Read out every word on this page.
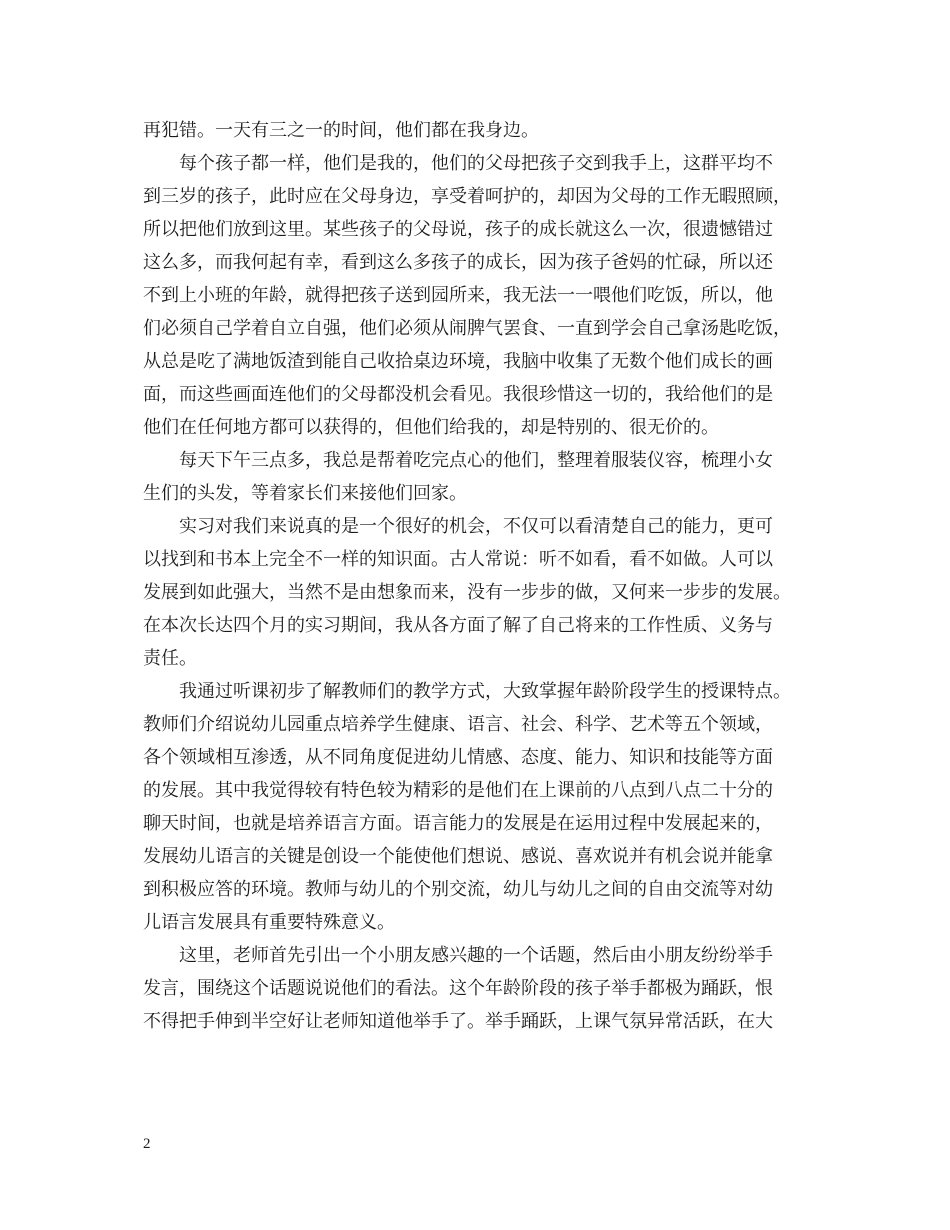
再犯错。一天有三之一的时间，他们都在我身边。
每个孩子都一样，他们是我的，他们的父母把孩子交到我手上，这群平均不
到三岁的孩子，此时应在父母身边，享受着呵护的，却因为父母的工作无暇照顾，
所以把他们放到这里。某些孩子的父母说，孩子的成长就这么一次，很遗憾错过
这么多，而我何起有幸，看到这么多孩子的成长，因为孩子爸妈的忙碌，所以还
不到上小班的年龄，就得把孩子送到园所来，我无法一一喂他们吃饭，所以，他
们必须自己学着自立自强，他们必须从闹脾气罢食、一直到学会自己拿汤匙吃饭，
从总是吃了满地饭渣到能自己收拾桌边环境，我脑中收集了无数个他们成长的画
面，而这些画面连他们的父母都没机会看见。我很珍惜这一切的，我给他们的是
他们在任何地方都可以获得的，但他们给我的，却是特别的、很无价的。
每天下午三点多，我总是帮着吃完点心的他们，整理着服装仪容，梳理小女
生们的头发，等着家长们来接他们回家。
实习对我们来说真的是一个很好的机会，不仅可以看清楚自己的能力，更可
以找到和书本上完全不一样的知识面。古人常说：听不如看，看不如做。人可以
发展到如此强大，当然不是由想象而来，没有一步步的做，又何来一步步的发展。
在本次长达四个月的实习期间，我从各方面了解了自己将来的工作性质、义务与
责任。
我通过听课初步了解教师们的教学方式，大致掌握年龄阶段学生的授课特点。
教师们介绍说幼儿园重点培养学生健康、语言、社会、科学、艺术等五个领域，
各个领域相互渗透，从不同角度促进幼儿情感、态度、能力、知识和技能等方面
的发展。其中我觉得较有特色较为精彩的是他们在上课前的八点到八点二十分的
聊天时间，也就是培养语言方面。语言能力的发展是在运用过程中发展起来的，
发展幼儿语言的关键是创设一个能使他们想说、感说、喜欢说并有机会说并能拿
到积极应答的环境。教师与幼儿的个别交流，幼儿与幼儿之间的自由交流等对幼
儿语言发展具有重要特殊意义。
这里，老师首先引出一个小朋友感兴趣的一个话题，然后由小朋友纷纷举手
发言，围绕这个话题说说他们的看法。这个年龄阶段的孩子举手都极为踊跃，恨
不得把手伸到半空好让老师知道他举手了。举手踊跃，上课气氛异常活跃，在大
2
